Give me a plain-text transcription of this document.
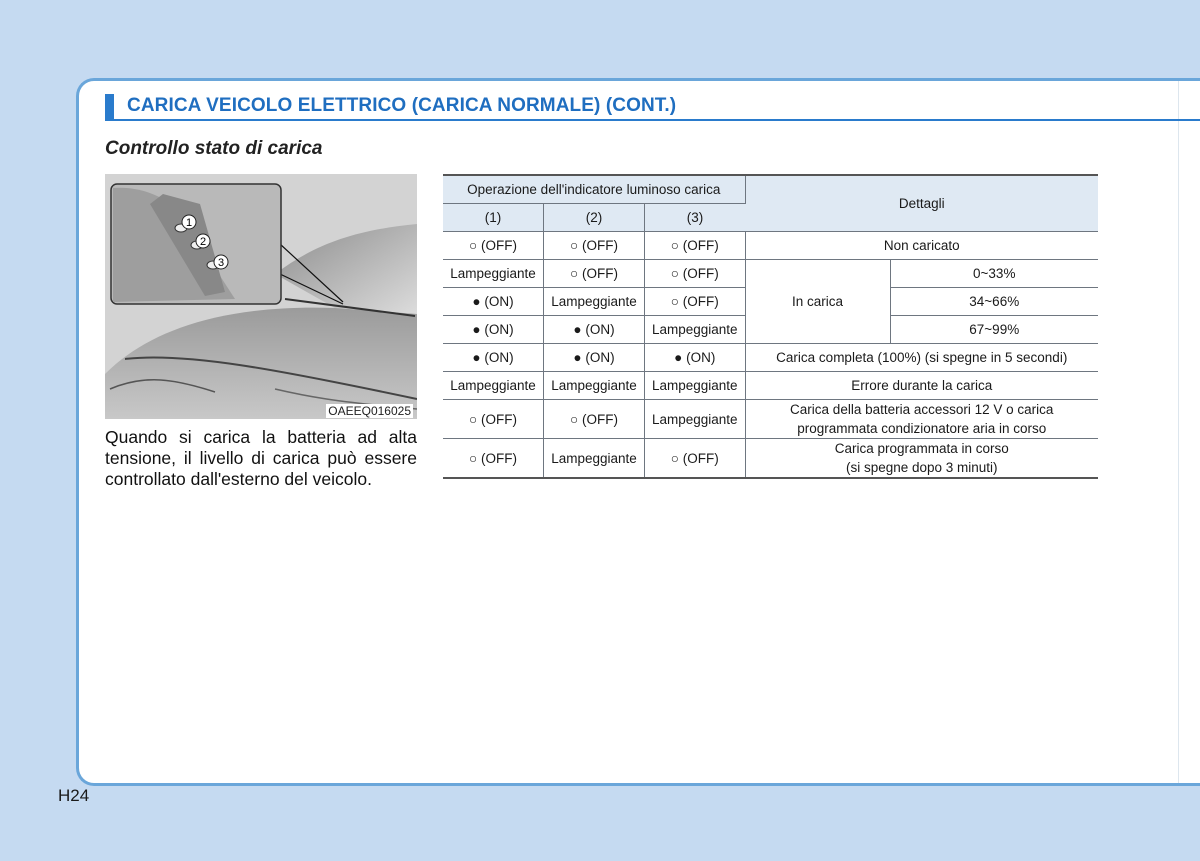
CARICA VEICOLO ELETTRICO (CARICA NORMALE) (CONT.)
Controllo stato di carica
1
2
3
OAEEQ016025
Quando si carica la batteria ad alta tensione, il livello di carica può essere controllato dall'esterno del veicolo.
Operazione dell'indicatore luminoso carica			Dettagli	
(1)	(2)	(3)		
○ (OFF)	○ (OFF)	○ (OFF)	Non caricato	
Lampeggiante	○ (OFF)	○ (OFF)	In carica	0~33%
● (ON)	Lampeggiante	○ (OFF)		34~66%
● (ON)	● (ON)	Lampeggiante		67~99%
● (ON)	● (ON)	● (ON)	Carica completa (100%) (si spegne in 5 secondi)	
Lampeggiante	Lampeggiante	Lampeggiante	Errore durante la carica	
○ (OFF)	○ (OFF)	Lampeggiante	Carica della batteria accessori 12 V o carica
programmata condizionatore aria in corso	

○ (OFF)	Lampeggiante	○ (OFF)	Carica programmata in corso
(si spegne dopo 3 minuti)	
H24
